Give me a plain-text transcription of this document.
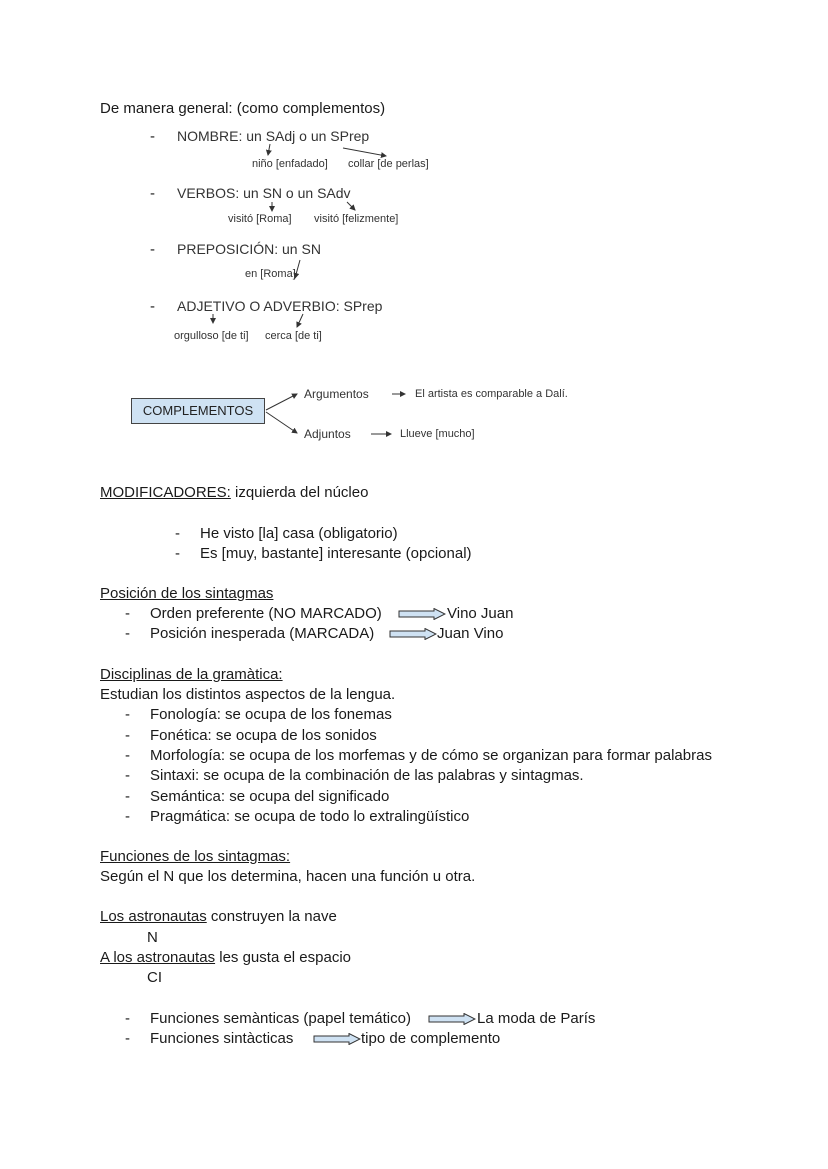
De manera general: (como complementos)
- NOMBRE: un SAdj o un SPrep
niño [enfadado] collar [de perlas]
- VERBOS: un SN o un SAdv
visitó [Roma] visitó [felizmente]
- PREPOSICIÓN: un SN
en [Roma]
- ADJETIVO O ADVERBIO: SPrep
orgulloso [de ti] cerca [de ti]
COMPLEMENTOS
Argumentos	El artista es comparable a Dalí.
Adjuntos	Llueve [mucho]
MODIFICADORES: izquierda del núcleo
- He visto [la] casa (obligatorio)
- Es [muy, bastante] interesante (opcional)
Posición de los sintagmas
- Orden preferente (NO MARCADO)	Vino Juan
- Posición inesperada (MARCADA)	Juan Vino
Disciplinas de la gramàtica:
Estudian los distintos aspectos de la lengua.
- Fonología: se ocupa de los fonemas
- Fonética: se ocupa de los sonidos
- Morfología: se ocupa de los morfemas y de cómo se organizan para formar palabras
- Sintaxi: se ocupa de la combinación de las palabras y sintagmas.
- Semántica: se ocupa del significado
- Pragmática: se ocupa de todo lo extralingüístico
Funciones de los sintagmas:
Según el N que los determina, hacen una función u otra.
Los astronautas construyen la nave
N
A los astronautas les gusta el espacio
CI
- Funciones semànticas (papel temático)	La moda de París
- Funciones sintàcticas	tipo de complemento
